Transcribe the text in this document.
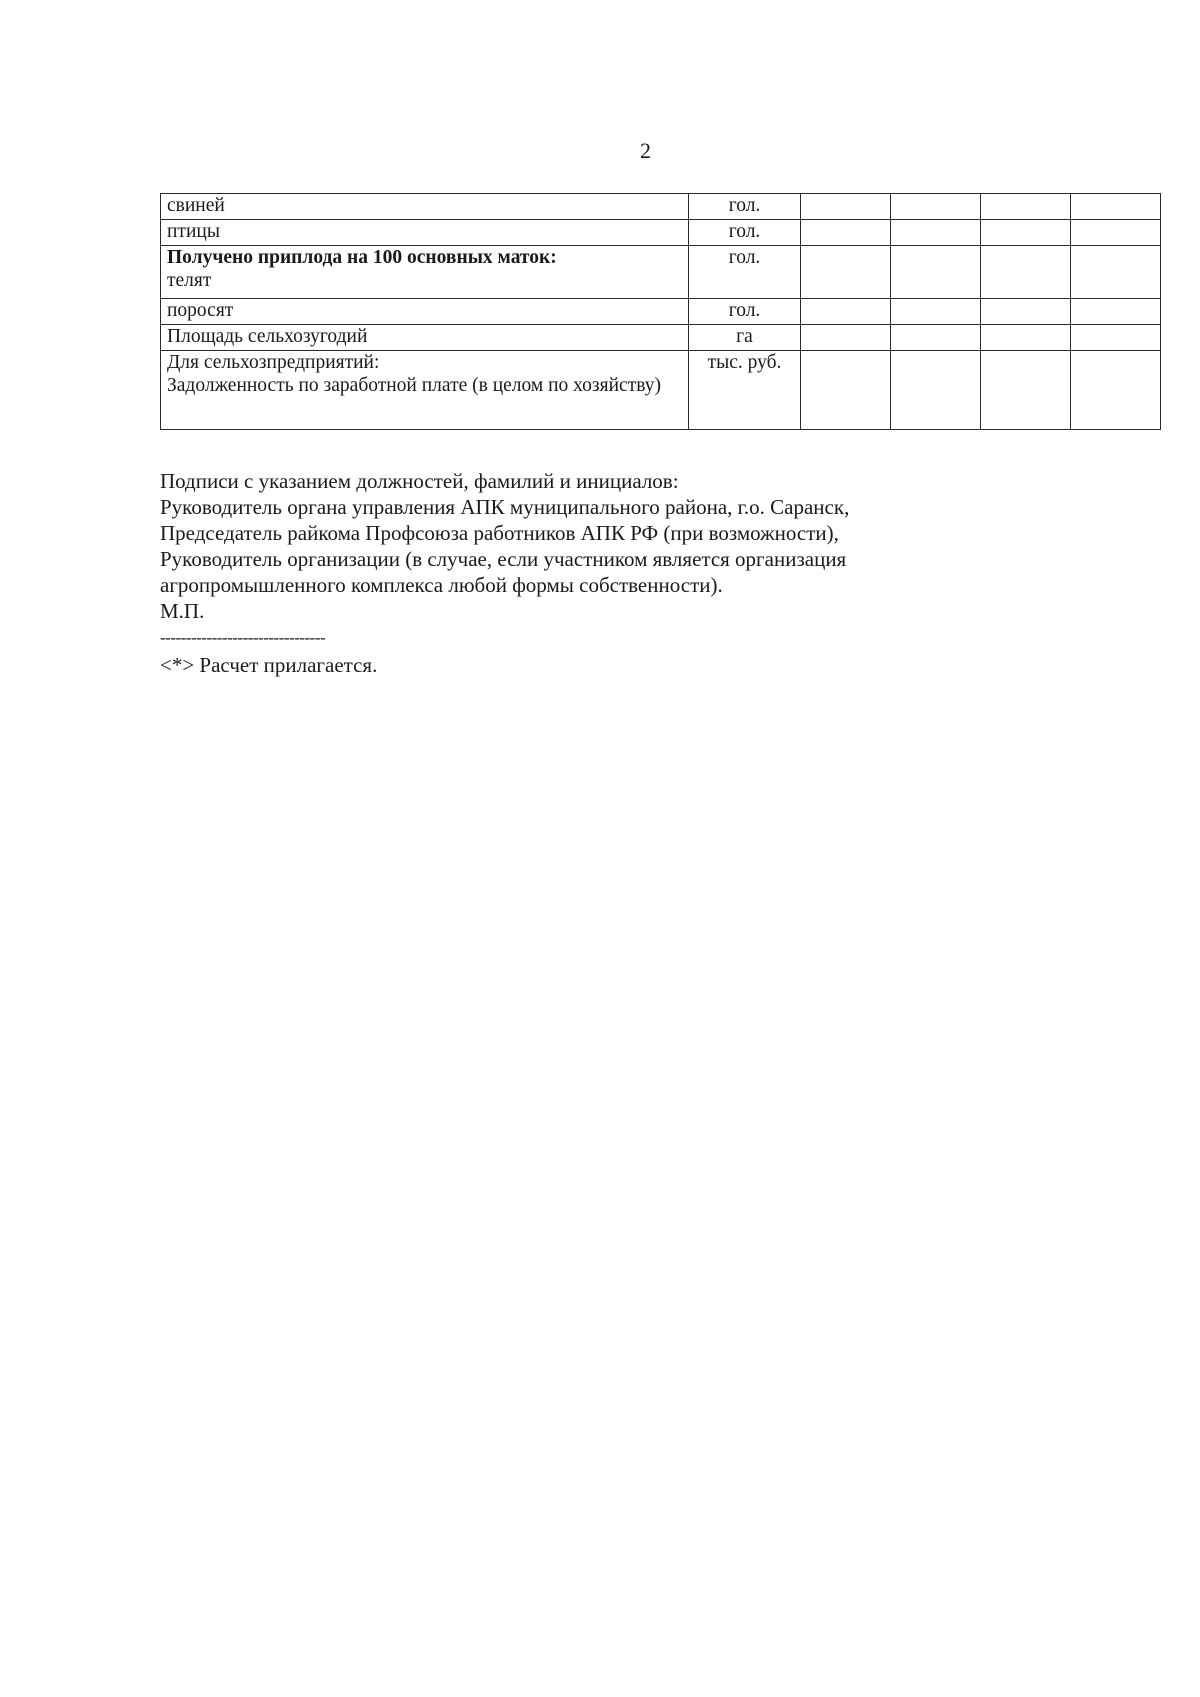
2
свиней	гол.				
птицы	гол.				

Получено приплода на 100 основных маток:
телят	гол.				
поросят	гол.				
Площадь сельхозугодий	га				

Для сельхозпредприятий:
Задолженность по заработной плате (в целом по хозяйству)	тыс. руб.				
Подписи с указанием должностей, фамилий и инициалов:
Руководитель органа управления АПК муниципального района, г.о. Саранск,
Председатель райкома Профсоюза работников АПК РФ (при возможности),
Руководитель организации (в случае, если участником является организация
агропромышленного комплекса любой формы собственности).
М.П.
--------------------------------
<*> Расчет прилагается.
